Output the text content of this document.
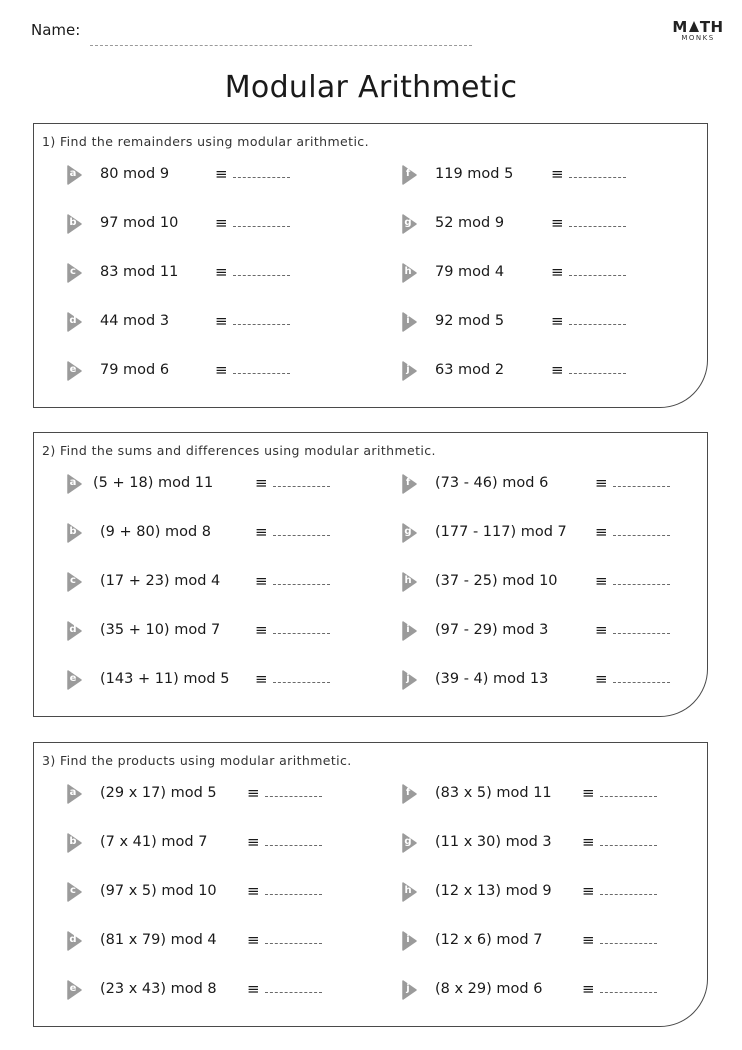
Name:	M TH
MONKS
Modular Arithmetic
1) Find the remainders using modular arithmetic.
a 80 mod 9	≡
b 97 mod 10 ≡
c 83 mod 11 ≡
d 44 mod 3	≡
e 79 mod 6	≡
f 119 mod 5	≡
g 52 mod 9	≡
h 79 mod 4	≡
i 92 mod 5	≡
j 63 mod 2	≡
2) Find the sums and differences using modular arithmetic.
a (5 + 18) mod 11	≡
b (9 + 80) mod 8	≡
c (17 + 23) mod 4 ≡
d (35 + 10) mod 7 ≡
e (143 + 11) mod 5 ≡
f (73 - 46) mod 6	≡
g (177 - 117) mod 7 ≡
h (37 - 25) mod 10 ≡
i (97 - 29) mod 3	≡
j (39 - 4) mod 13	≡
3) Find the products using modular arithmetic.
a (29 x 17) mod 5 ≡
b (7 x 41) mod 7	≡
c (97 x 5) mod 10 ≡
d (81 x 79) mod 4 ≡
e (23 x 43) mod 8 ≡
f (83 x 5) mod 11 ≡
g (11 x 30) mod 3 ≡
h (12 x 13) mod 9 ≡
i (12 x 6) mod 7	≡
j (8 x 29) mod 6	≡
